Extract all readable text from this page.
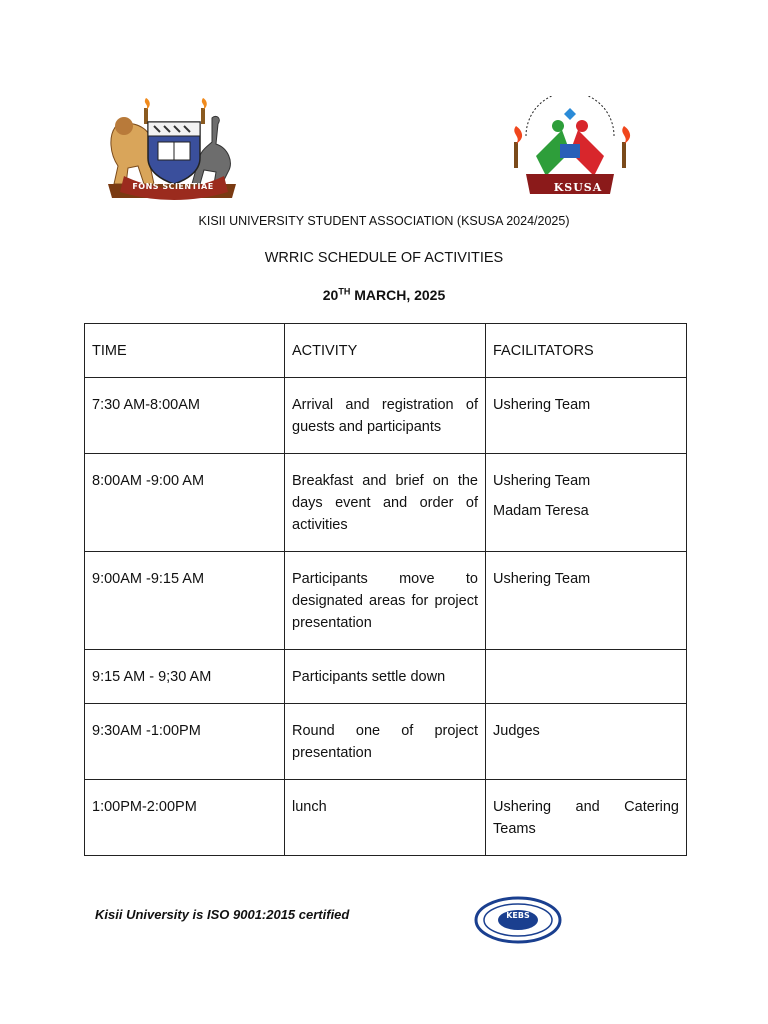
FONS SCIENTIAE	KSUSA
KISII UNIVERSITY STUDENT ASSOCIATION (KSUSA 2024/2025)
WRRIC SCHEDULE OF ACTIVITIES
20TH MARCH, 2025
TIME	ACTIVITY	FACILITATORS
7:30 AM-8:00AM	Arrival and registration of guests and participants	Ushering Team
8:00AM -9:00 AM	Breakfast and brief on the days event and order of activities	Ushering Team
Madam Teresa

9:00AM -9:15 AM	Participants move to designated areas for project presentation	Ushering Team
9:15 AM - 9;30 AM	Participants settle down	
9:30AM -1:00PM	Round one of project presentation	Judges
1:00PM-2:00PM	lunch	Ushering and Catering Teams
Kisii University is ISO 9001:2015 certified	KEBS
